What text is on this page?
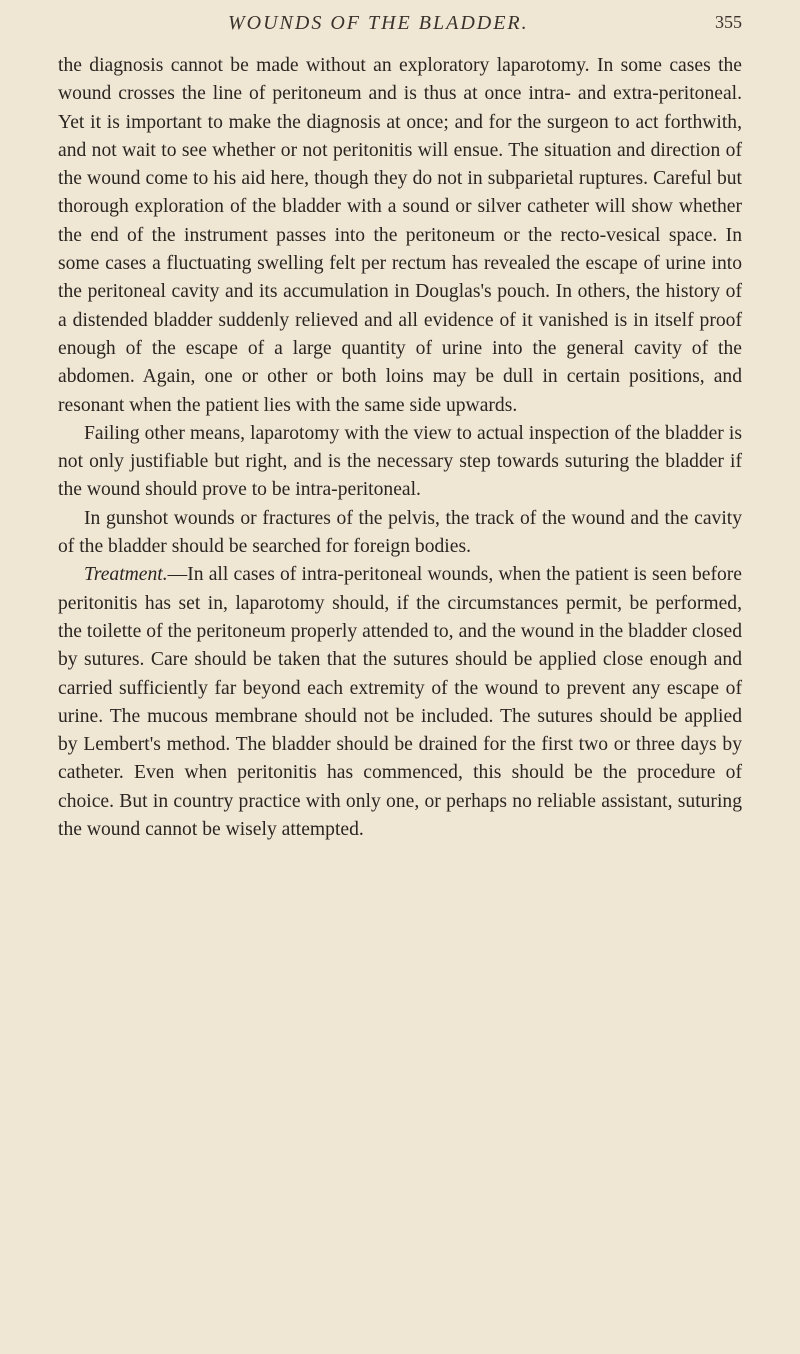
WOUNDS OF THE BLADDER.	355

the diagnosis cannot be made without an exploratory laparotomy. In some cases the wound crosses the line of peritoneum and is thus at once intra- and extra-peritoneal. Yet it is important to make the diagnosis at once; and for the surgeon to act forthwith, and not wait to see whether or not peritonitis will ensue. The situation and direction of the wound come to his aid here, though they do not in subparietal ruptures. Careful but thorough exploration of the bladder with a sound or silver catheter will show whether the end of the instrument passes into the peritoneum or the recto-vesical space. In some cases a fluctuating swelling felt per rectum has revealed the escape of urine into the peritoneal cavity and its accumulation in Douglas's pouch. In others, the history of a distended bladder suddenly relieved and all evidence of it vanished is in itself proof enough of the escape of a large quantity of urine into the general cavity of the abdomen. Again, one or other or both loins may be dull in certain positions, and resonant when the patient lies with the same side upwards.

Failing other means, laparotomy with the view to actual inspection of the bladder is not only justifiable but right, and is the necessary step towards suturing the bladder if the wound should prove to be intra-peritoneal.

In gunshot wounds or fractures of the pelvis, the track of the wound and the cavity of the bladder should be searched for foreign bodies.

Treatment.—In all cases of intra-peritoneal wounds, when the patient is seen before peritonitis has set in, laparotomy should, if the circumstances permit, be performed, the toilette of the peritoneum properly attended to, and the wound in the bladder closed by sutures. Care should be taken that the sutures should be applied close enough and carried sufficiently far beyond each extremity of the wound to prevent any escape of urine. The mucous membrane should not be included. The sutures should be applied by Lembert's method. The bladder should be drained for the first two or three days by catheter. Even when peritonitis has commenced, this should be the procedure of choice. But in country practice with only one, or perhaps no reliable assistant, suturing the wound cannot be wisely attempted.
